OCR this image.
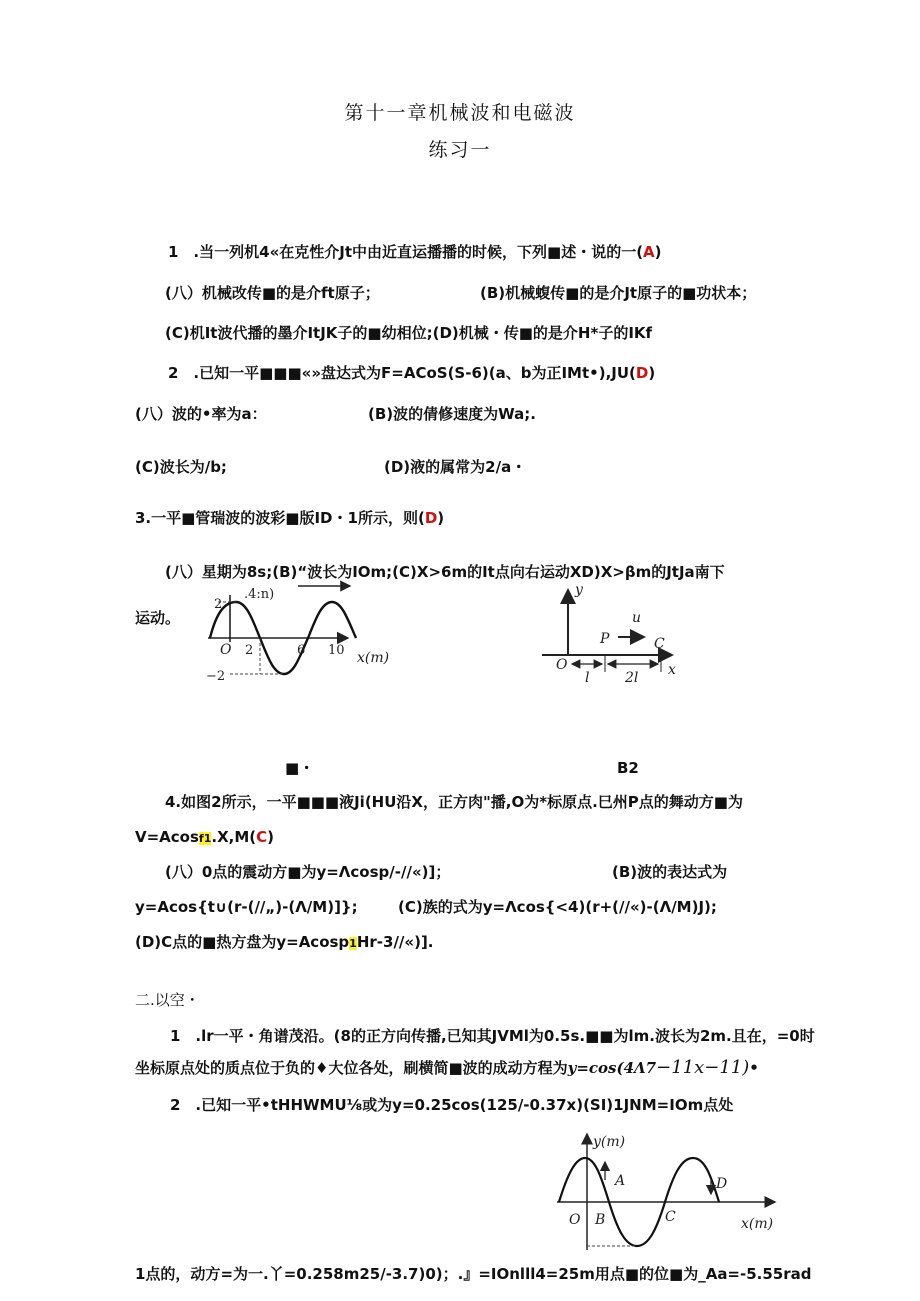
第十一章机械波和电磁波
练习一
1 .当一列机4«在克性介Jt中由近直运播播的时候，下列■述・说的一(A)
(八）机械改传■的是介ft原子；	(B)机械蝮传■的是介Jt原子的■功状本；
(C)机It波代播的墨介ItJK子的■幼相位;(D)机械・传■的是介H*子的IKf
2 .已知一平■■■«»盘达式为F=ACoS(S-6)(a、b为正IMt•),JU(D)
(八）波的•率为a：	(B)波的倩修速度为Wa;.
(C)波长为/b;	(D)液的属常为2/a・
3.一平■管瑞波的波彩■版ID・1所示，则(D)
(八）星期为8s;(B)“波长为IOm;(C)X>6m的It点向右运动XD)X>βm的JtJa南下
运动。
.4:n)
2
−2
O 2	6 10 x(m)
y
u
P	C
O
l	2l x
■・	B2
4.如图2所示，一平■■■液Ji(HU沿X，正方肉"播,O为*标原点.巳州P点的舞动方■为
V=Acosf1.X,M(C)
(八）0点的震动方■为y=Λcosp/-//«)]；	(B)波的表达式为
y=Acos{t∪(r-(//„)-(Λ/M)]};	(C)族的式为y=Λcos{<4)(r+(//«)-(Λ/M)J);
(D)C点的■热方盘为y=Acosp1Hr-3//«)].
二.以空・
1 .lr一平・角谱茂沿。(8的正方向传播,已知其JVMl为0.5s.■■为lm.波长为2m.且在，=0时
坐标原点处的质点位于负的♦大位各处，刷横简■波的成动方程为y=cos(4Λ7−11x−11)•
2 .已知一平•tHHWMU⅛或为y=0.25cos(125/-0.37x)(SI)1JNM=IOm点处
y(m)
A
B	C
D
O	x(m)
1点的，动方=为一.丫=0.258m25/-3.7)0)；.』=IOnlll4=25m用点■的位■为_Aa=-5.55rad
